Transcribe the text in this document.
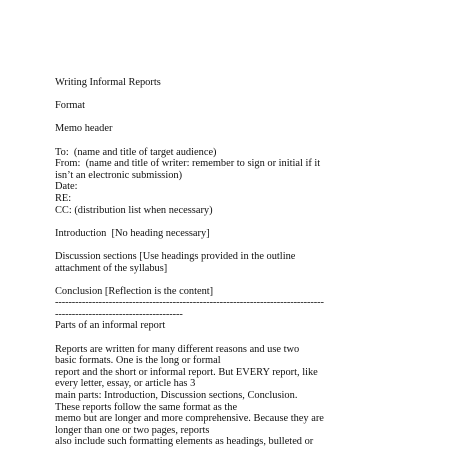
Writing Informal Reports
Format
Memo header
To:  (name and title of target audience)
From:  (name and title of writer: remember to sign or initial if it
isn’t an electronic submission)
Date:
RE:
CC: (distribution list when necessary)
Introduction  [No heading necessary]
Discussion sections [Use headings provided in the outline
attachment of the syllabus]
Conclusion [Reflection is the content]
--------------------------------------------------------------------------------
--------------------------------------
Parts of an informal report
Reports are written for many different reasons and use two
basic formats. One is the long or formal
report and the short or informal report. But EVERY report, like
every letter, essay, or article has 3
main parts: Introduction, Discussion sections, Conclusion.
These reports follow the same format as the
memo but are longer and more comprehensive. Because they are
longer than one or two pages, reports
also include such formatting elements as headings, bulleted or
